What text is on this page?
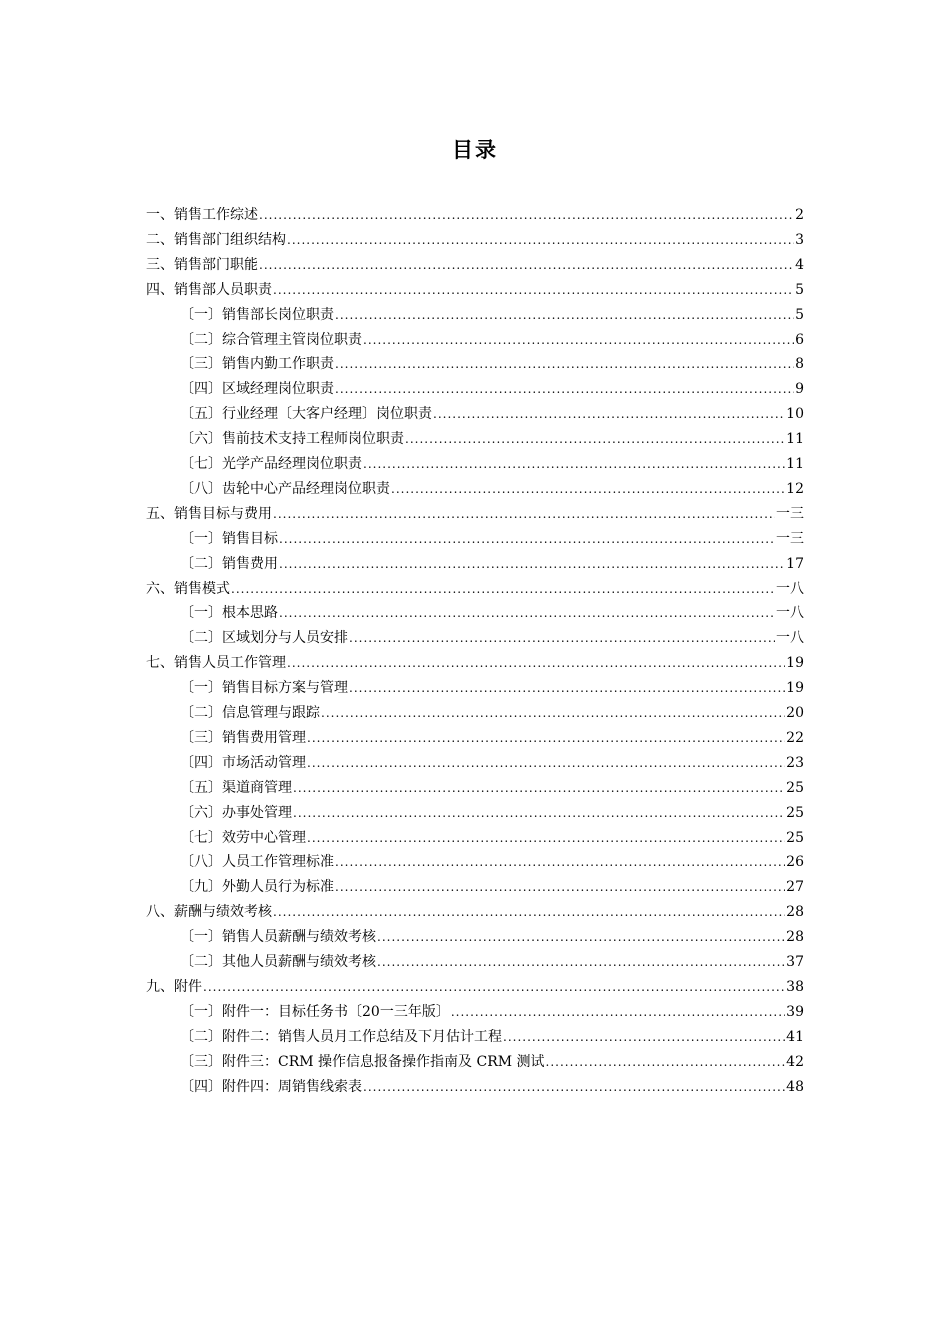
目录
一、销售工作综述 .....	2
二、销售部门组织结构 .....	3
三、销售部门职能 .....	4
四、销售部人员职责 .....	5
〔一〕销售部长岗位职责 .....	5
〔二〕综合管理主管岗位职责 .....	6
〔三〕销售内勤工作职责 .....	8
〔四〕区域经理岗位职责 .....	9
〔五〕行业经理〔大客户经理〕岗位职责 .....	10
〔六〕售前技术支持工程师岗位职责 .....	11
〔七〕光学产品经理岗位职责 .....	11
〔八〕齿轮中心产品经理岗位职责 .....	12
五、销售目标与费用 .....	一三
〔一〕销售目标 .....	一三
〔二〕销售费用 .....	17
六、销售模式 .....	一八
〔一〕根本思路 .....	一八
〔二〕区域划分与人员安排 .....	一八
七、销售人员工作管理 .....	19
〔一〕销售目标方案与管理 .....	19
〔二〕信息管理与跟踪 .....	20
〔三〕销售费用管理 .....	22
〔四〕市场活动管理 .....	23
〔五〕渠道商管理 .....	25
〔六〕办事处管理 .....	25
〔七〕效劳中心管理 .....	25
〔八〕人员工作管理标准 .....	26
〔九〕外勤人员行为标准 .....	27
八、薪酬与绩效考核 .....	28
〔一〕销售人员薪酬与绩效考核 .....	28
〔二〕其他人员薪酬与绩效考核 .....	37
九、附件 .....	38
〔一〕附件一：目标任务书〔20一三年版〕 .....	39
〔二〕附件二：销售人员月工作总结及下月估计工程 .....	41
〔三〕附件三：CRM 操作信息报备操作指南及 CRM 测试 .....	42
〔四〕附件四：周销售线索表 .....	48
